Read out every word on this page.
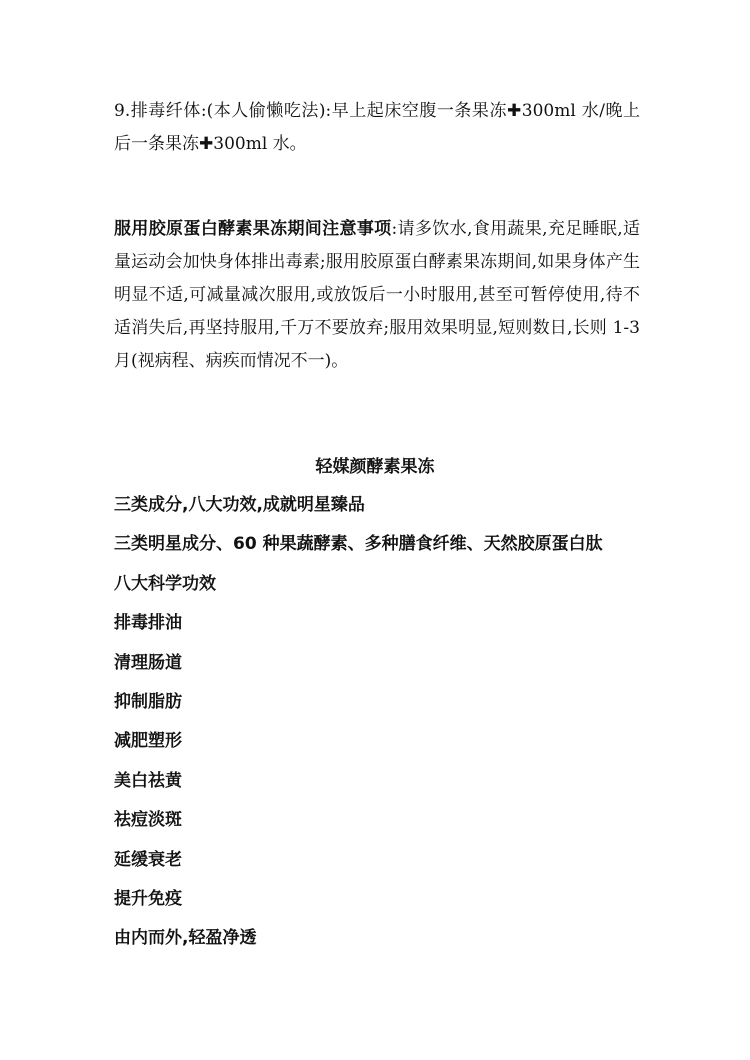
9.排毒纤体:(本人偷懒吃法):早上起床空腹一条果冻✚300ml 水/晚上后一条果冻✚300ml 水。

服用胶原蛋白酵素果冻期间注意事项:请多饮水,食用蔬果,充足睡眠,适量运动会加快身体排出毒素;服用胶原蛋白酵素果冻期间,如果身体产生明显不适,可减量减次服用,或放饭后一小时服用,甚至可暂停使用,待不适消失后,再坚持服用,千万不要放弃;服用效果明显,短则数日,长则 1-3 月(视病程、病疾而情况不一)。

轻媒颜酵素果冻
三类成分,八大功效,成就明星臻品
三类明星成分、60 种果蔬酵素、多种膳食纤维、天然胶原蛋白肽
八大科学功效
排毒排油
清理肠道
抑制脂肪
减肥塑形
美白祛黄
祛痘淡斑
延缓衰老
提升免疫
由内而外,轻盈净透
